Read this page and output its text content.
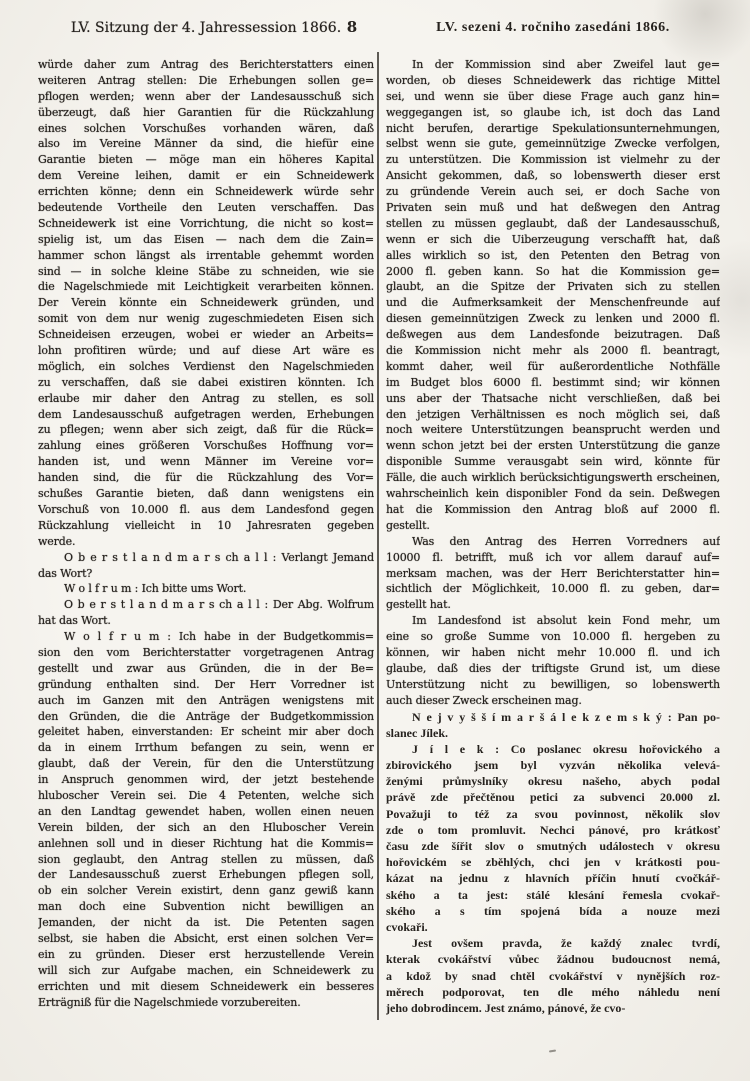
LV. Sitzung der 4. Jahressession 1866. 8	LV. sezeni 4. ročniho zasedáni 1866.
würde daher zum Antrag des Berichterstatters einen
weiteren Antrag stellen: Die Erhebungen sollen ge=
pflogen werden; wenn aber der Landesausschuß sich
überzeugt, daß hier Garantien für die Rückzahlung
eines solchen Vorschußes vorhanden wären, daß
also im Vereine Männer da sind, die hiefür eine
Garantie bieten — möge man ein höheres Kapital
dem Vereine leihen, damit er ein Schneidewerk
errichten könne; denn ein Schneidewerk würde sehr
bedeutende Vortheile den Leuten verschaffen. Das
Schneidewerk ist eine Vorrichtung, die nicht so kost=
spielig ist, um das Eisen — nach dem die Zain=
hammer schon längst als irrentable gehemmt worden
sind — in solche kleine Stäbe zu schneiden, wie sie
die Nagelschmiede mit Leichtigkeit verarbeiten können.
Der Verein könnte ein Schneidewerk gründen, und
somit von dem nur wenig zugeschmiedeten Eisen sich
Schneideisen erzeugen, wobei er wieder an Arbeits=
lohn profitiren würde; und auf diese Art wäre es
möglich, ein solches Verdienst den Nagelschmieden
zu verschaffen, daß sie dabei existiren könnten. Ich
erlaube mir daher den Antrag zu stellen, es soll
dem Landesausschuß aufgetragen werden, Erhebungen
zu pflegen; wenn aber sich zeigt, daß für die Rück=
zahlung eines größeren Vorschußes Hoffnung vor=
handen ist, und wenn Männer im Vereine vor=
handen sind, die für die Rückzahlung des Vor=
schußes Garantie bieten, daß dann wenigstens ein
Vorschuß von 10.000 fl. aus dem Landesfond gegen
Rückzahlung vielleicht in 10 Jahresraten gegeben
werde.
O b e r s t l a n d m a r s ch a l l : Verlangt Jemand
das Wort?
W o l f r u m : Ich bitte ums Wort.
O b e r s t l a n d m a r s ch a l l : Der Abg. Wolfrum
hat das Wort.
W o l f r u m : Ich habe in der Budgetkommis=
sion den vom Berichterstatter vorgetragenen Antrag
gestellt und zwar aus Gründen, die in der Be=
gründung enthalten sind. Der Herr Vorredner ist
auch im Ganzen mit den Anträgen wenigstens mit
den Gründen, die die Anträge der Budgetkommission
geleitet haben, einverstanden: Er scheint mir aber doch
da in einem Irrthum befangen zu sein, wenn er
glaubt, daß der Verein, für den die Unterstützung
in Anspruch genommen wird, der jetzt bestehende
hluboscher Verein sei. Die 4 Petenten, welche sich
an den Landtag gewendet haben, wollen einen neuen
Verein bilden, der sich an den Hluboscher Verein
anlehnen soll und in dieser Richtung hat die Kommis=
sion geglaubt, den Antrag stellen zu müssen, daß
der Landesausschuß zuerst Erhebungen pflegen soll,
ob ein solcher Verein existirt, denn ganz gewiß kann
man doch eine Subvention nicht bewilligen an
Jemanden, der nicht da ist. Die Petenten sagen
selbst, sie haben die Absicht, erst einen solchen Ver=
ein zu gründen. Dieser erst herzustellende Verein
will sich zur Aufgabe machen, ein Schneidewerk zu
errichten und mit diesem Schneidewerk ein besseres
Erträgniß für die Nagelschmiede vorzubereiten.
In der Kommission sind aber Zweifel laut ge=
worden, ob dieses Schneidewerk das richtige Mittel
sei, und wenn sie über diese Frage auch ganz hin=
weggegangen ist, so glaube ich, ist doch das Land
nicht berufen, derartige Spekulationsunternehmungen,
selbst wenn sie gute, gemeinnützige Zwecke verfolgen,
zu unterstützen. Die Kommission ist vielmehr zu der
Ansicht gekommen, daß, so lobenswerth dieser erst
zu gründende Verein auch sei, er doch Sache von
Privaten sein muß und hat deßwegen den Antrag
stellen zu müssen geglaubt, daß der Landesausschuß,
wenn er sich die Uiberzeugung verschafft hat, daß
alles wirklich so ist, den Petenten den Betrag von
2000 fl. geben kann. So hat die Kommission ge=
glaubt, an die Spitze der Privaten sich zu stellen
und die Aufmerksamkeit der Menschenfreunde auf
diesen gemeinnützigen Zweck zu lenken und 2000 fl.
deßwegen aus dem Landesfonde beizutragen. Daß
die Kommission nicht mehr als 2000 fl. beantragt,
kommt daher, weil für außerordentliche Nothfälle
im Budget blos 6000 fl. bestimmt sind; wir können
uns aber der Thatsache nicht verschließen, daß bei
den jetzigen Verhältnissen es noch möglich sei, daß
noch weitere Unterstützungen beansprucht werden und
wenn schon jetzt bei der ersten Unterstützung die ganze
disponible Summe verausgabt sein wird, könnte für
Fälle, die auch wirklich berücksichtigungswerth erscheinen,
wahrscheinlich kein disponibler Fond da sein. Deßwegen
hat die Kommission den Antrag bloß auf 2000 fl.
gestellt.
Was den Antrag des Herren Vorredners auf
10000 fl. betrifft, muß ich vor allem darauf auf=
merksam machen, was der Herr Berichterstatter hin=
sichtlich der Möglichkeit, 10.000 fl. zu geben, dar=
gestellt hat.
Im Landesfond ist absolut kein Fond mehr, um
eine so große Summe von 10.000 fl. hergeben zu
können, wir haben nicht mehr 10.000 fl. und ich
glaube, daß dies der triftigste Grund ist, um diese
Unterstützung nicht zu bewilligen, so lobenswerth
auch dieser Zweck erscheinen mag.
N e j v y š š í m a r š á l e k z e m s k ý : Pan po-
slanec Jílek.
J í l e k : Co poslanec okresu hořovického a
zbirovického jsem byl vyzván několika velevá-
ženými průmyslníky okresu našeho, abych podal
právě zde přečtěnou petici za subvenci 20.000 zl.
Považuji to též za svou povinnost, několik slov
zde o tom promluvit. Nechci pánové, pro krátkosť
času zde šířit slov o smutných událostech v okresu
hořovickém se zběhlých, chci jen v krátkosti pou-
kázat na jednu z hlavních příčin hnutí cvočkář-
ského a ta jest: stálé klesání řemesla cvokař-
ského a s tím spojená bída a nouze mezi
cvokaři.
Jest ovšem pravda, že každý znalec tvrdí,
kterak cvokářství vůbec žádnou budoucnost nemá,
a kdož by snad chtěl cvokářství v nynějších roz-
měrech podporovat, ten dle mého náhledu není
jeho dobrodincem. Jest známo, pánové, že cvo-
